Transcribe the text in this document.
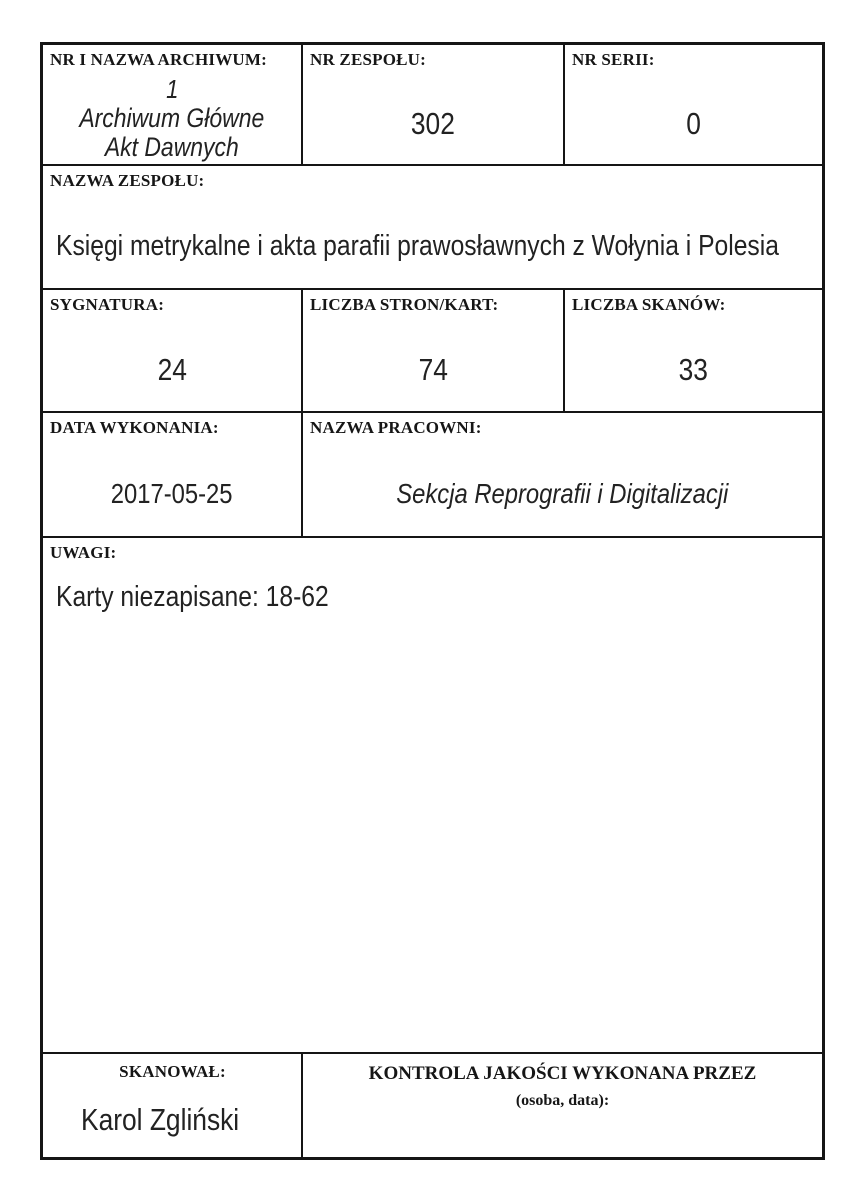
NR I NAZWA ARCHIWUM:
1
Archiwum Główne
Akt Dawnych
NR ZESPOŁU:
302
NR SERII:
0
NAZWA ZESPOŁU:
Księgi metrykalne i akta parafii prawosławnych z Wołynia i Polesia
SYGNATURA:
24
LICZBA STRON/KART:
74
LICZBA SKANÓW:
33
DATA WYKONANIA:
2017-05-25
NAZWA PRACOWNI:
Sekcja Reprografii i Digitalizacji
UWAGI:
Karty niezapisane: 18-62
SKANOWAŁ:
Karol Zgliński
KONTROLA JAKOŚCI WYKONANA PRZEZ
(osoba, data):
